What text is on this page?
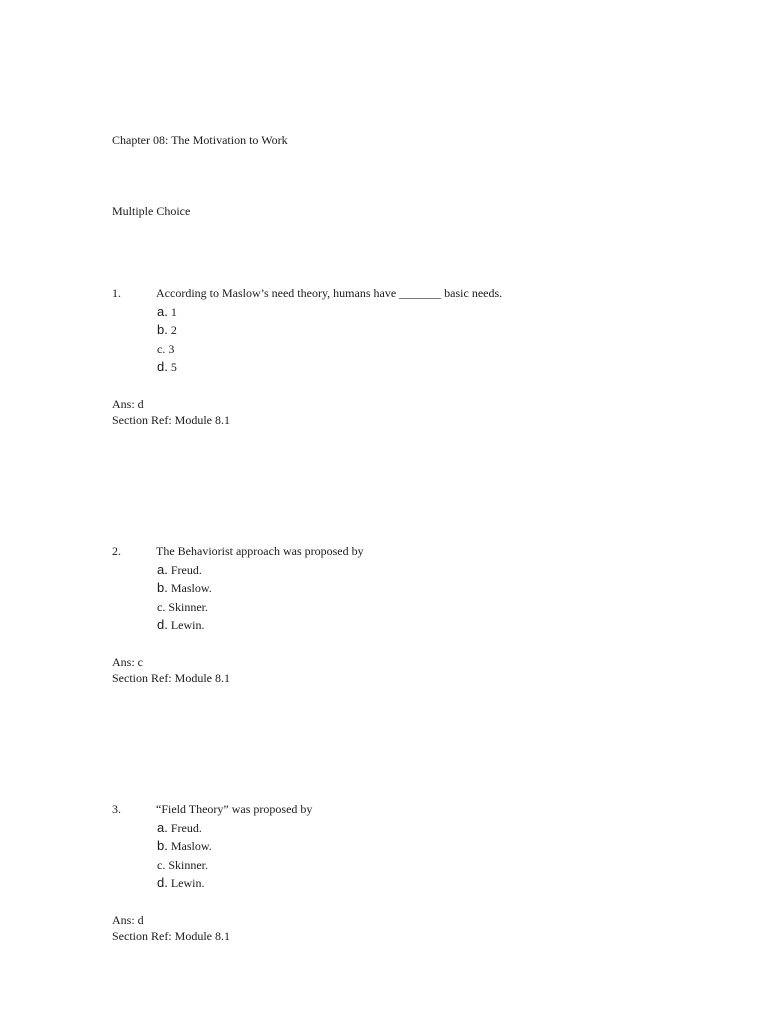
Chapter 08: The Motivation to Work
Multiple Choice
1.	According to Maslow’s need theory, humans have _______ basic needs.
a. 1
b. 2
c. 3
d. 5
Ans: d
Section Ref: Module 8.1
2.	The Behaviorist approach was proposed by
a. Freud.
b. Maslow.
c. Skinner.
d. Lewin.
Ans: c
Section Ref: Module 8.1
3.	“Field Theory” was proposed by
a. Freud.
b. Maslow.
c. Skinner.
d. Lewin.
Ans: d
Section Ref: Module 8.1
